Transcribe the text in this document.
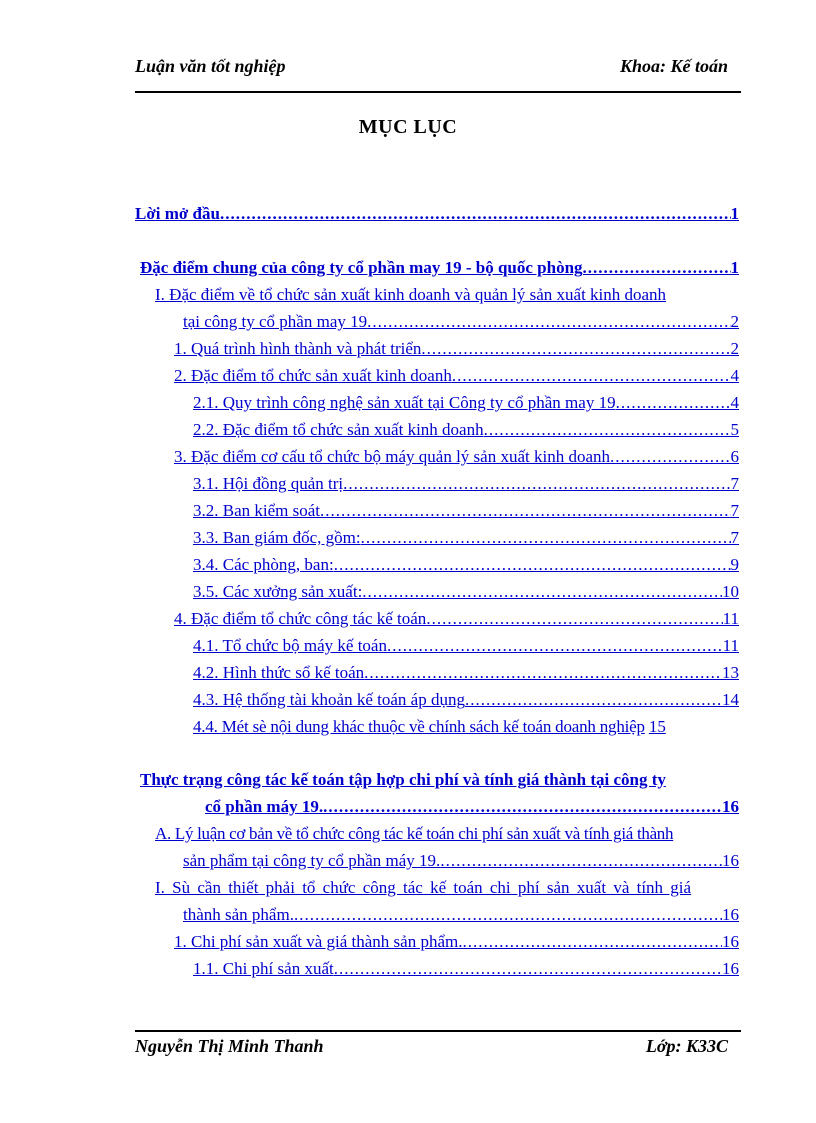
Luận văn tốt nghiệp	Khoa: Kế toán
MỤC LỤC
Lời mở đầu .....	1

Đặc điểm chung của công ty cổ phần may 19 - bộ quốc phòng .....	1
I. Đặc điểm về tổ chức sản xuất kinh doanh và quản lý sản xuất kinh doanh
tại công ty cổ phần may 19 .....	2
1. Quá trình hình thành và phát triển .....	2
2. Đặc điểm tổ chức sản xuất kinh doanh .....	4
2.1. Quy trình công nghệ sản xuất tại Công ty cổ phần may 19 .....	4
2.2. Đặc điểm tổ chức sản xuất kinh doanh .....	5
3. Đặc điểm cơ cấu tổ chức bộ máy quản lý sản xuất kinh doanh .....	6
3.1. Hội đồng quản trị .....	7
3.2. Ban kiểm soát .....	7
3.3. Ban giám đốc, gồm: .....	7
3.4. Các phòng, ban: .....	9
3.5. Các xưởng sản xuất: .....	10
4. Đặc điểm tổ chức công tác kế toán .....	11
4.1. Tổ chức bộ máy kế toán .....	11
4.2. Hình thức sổ kế toán .....	13
4.3. Hệ thống tài khoản kế toán áp dụng .....	14
4.4. Mét sè nội dung khác thuộc về chính sách kế toán doanh nghiệp 15

Thực trạng công tác kế toán tập hợp chi phí và tính giá thành tại công ty
cổ phần máy 19. .....	16
A. Lý luận cơ bản về tổ chức công tác kế toán chi phí sản xuất và tính giá thành
sản phẩm tại công ty cổ phần máy 19. .....	16
I. Sù cần thiết phải tổ chức công tác kế toán chi phí sản xuất và tính giá
thành sản phẩm. .....	16
1. Chi phí sản xuất và giá thành sản phẩm. .....	16
1.1. Chi phí sản xuất .....	16
Nguyễn Thị Minh Thanh	Lớp: K33C
